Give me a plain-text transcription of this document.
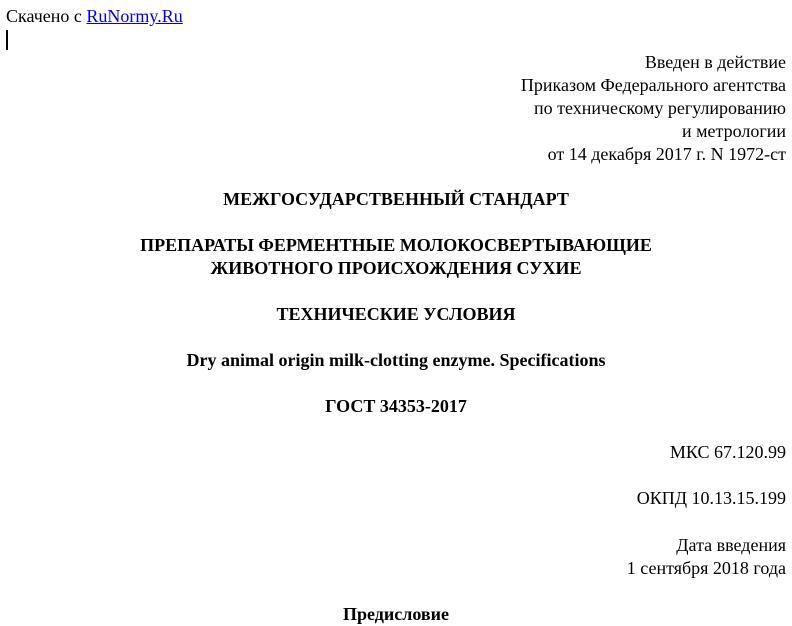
Скачено с RuNormy.Ru
Введен в действие
Приказом Федерального агентства
по техническому регулированию
и метрологии
от 14 декабря 2017 г. N 1972-ст
МЕЖГОСУДАРСТВЕННЫЙ СТАНДАРТ
ПРЕПАРАТЫ ФЕРМЕНТНЫЕ МОЛОКОСВЕРТЫВАЮЩИЕ
ЖИВОТНОГО ПРОИСХОЖДЕНИЯ СУХИЕ
ТЕХНИЧЕСКИЕ УСЛОВИЯ
Dry animal origin milk-clotting enzyme. Specifications
ГОСТ 34353-2017
МКС 67.120.99
ОКПД 10.13.15.199
Дата введения
1 сентября 2018 года
Предисловие
